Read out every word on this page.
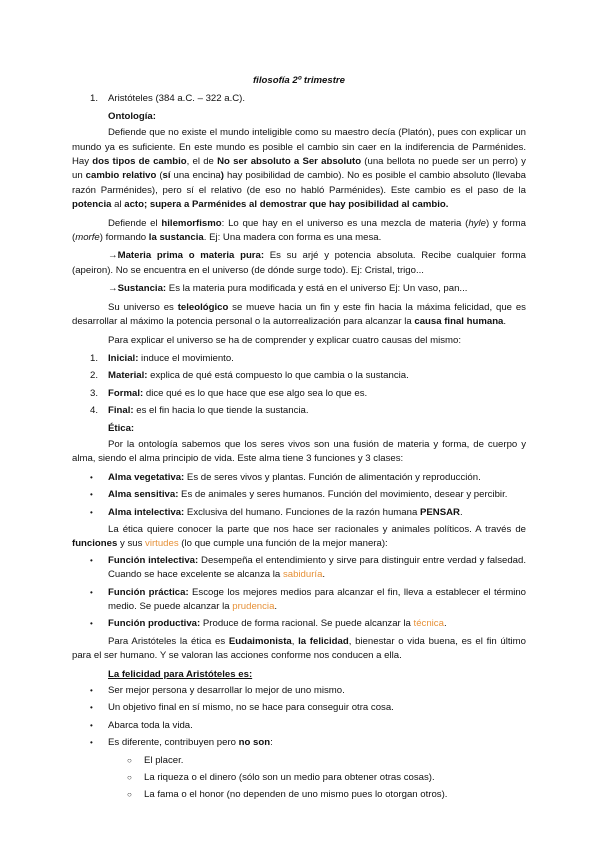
filosofía 2º trimestre

1. Aristóteles (384 a.C. – 322 a.C).
Ontología:

Defiende que no existe el mundo inteligible como su maestro decía (Platón), pues con explicar un mundo ya es suficiente. En este mundo es posible el cambio sin caer en la indiferencia de Parménides. Hay dos tipos de cambio, el de No ser absoluto a Ser absoluto (una bellota no puede ser un perro) y un cambio relativo (sí una encina) hay posibilidad de cambio). No es posible el cambio absoluto (llevaba razón Parménides), pero sí el relativo (de eso no habló Parménides). Este cambio es el paso de la potencia al acto; supera a Parménides al demostrar que hay posibilidad al cambio.

Defiende el hilemorfismo: Lo que hay en el universo es una mezcla de materia (hyle) y forma (morfe) formando la sustancia. Ej: Una madera con forma es una mesa.

→Materia prima o materia pura: Es su arjé y potencia absoluta. Recibe cualquier forma (apeiron). No se encuentra en el universo (de dónde surge todo). Ej: Cristal, trigo...

→Sustancia: Es la materia pura modificada y está en el universo Ej: Un vaso, pan...

Su universo es teleológico se mueve hacia un fin y este fin hacia la máxima felicidad, que es desarrollar al máximo la potencia personal o la autorrealización para alcanzar la causa final humana.

Para explicar el universo se ha de comprender y explicar cuatro causas del mismo:

1. Inicial: induce el movimiento.
2. Material: explica de qué está compuesto lo que cambia o la sustancia.
3. Formal: dice qué es lo que hace que ese algo sea lo que es.
4. Final: es el fin hacia lo que tiende la sustancia.
Ética:

Por la ontología sabemos que los seres vivos son una fusión de materia y forma, de cuerpo y alma, siendo el alma principio de vida. Este alma tiene 3 funciones y 3 clases:

• Alma vegetativa: Es de seres vivos y plantas. Función de alimentación y reproducción.
• Alma sensitiva: Es de animales y seres humanos. Función del movimiento, desear y percibir.
• Alma intelectiva: Exclusiva del humano. Funciones de la razón humana PENSAR.

La ética quiere conocer la parte que nos hace ser racionales y animales políticos. A través de funciones y sus virtudes (lo que cumple una función de la mejor manera):

• Función intelectiva: Desempeña el entendimiento y sirve para distinguir entre verdad y falsedad. Cuando se hace excelente se alcanza la sabiduría.
• Función práctica: Escoge los mejores medios para alcanzar el fin, lleva a establecer el término medio. Se puede alcanzar la prudencia.
• Función productiva: Produce de forma racional. Se puede alcanzar la técnica.

Para Aristóteles la ética es Eudaimonista, la felicidad, bienestar o vida buena, es el fin último para el ser humano. Y se valoran las acciones conforme nos conducen a ella.

La felicidad para Aristóteles es:
• Ser mejor persona y desarrollar lo mejor de uno mismo.
• Un objetivo final en sí mismo, no se hace para conseguir otra cosa.
• Abarca toda la vida.
• Es diferente, contribuyen pero no son:
○ El placer.
○ La riqueza o el dinero (sólo son un medio para obtener otras cosas).
○ La fama o el honor (no dependen de uno mismo pues lo otorgan otros).
